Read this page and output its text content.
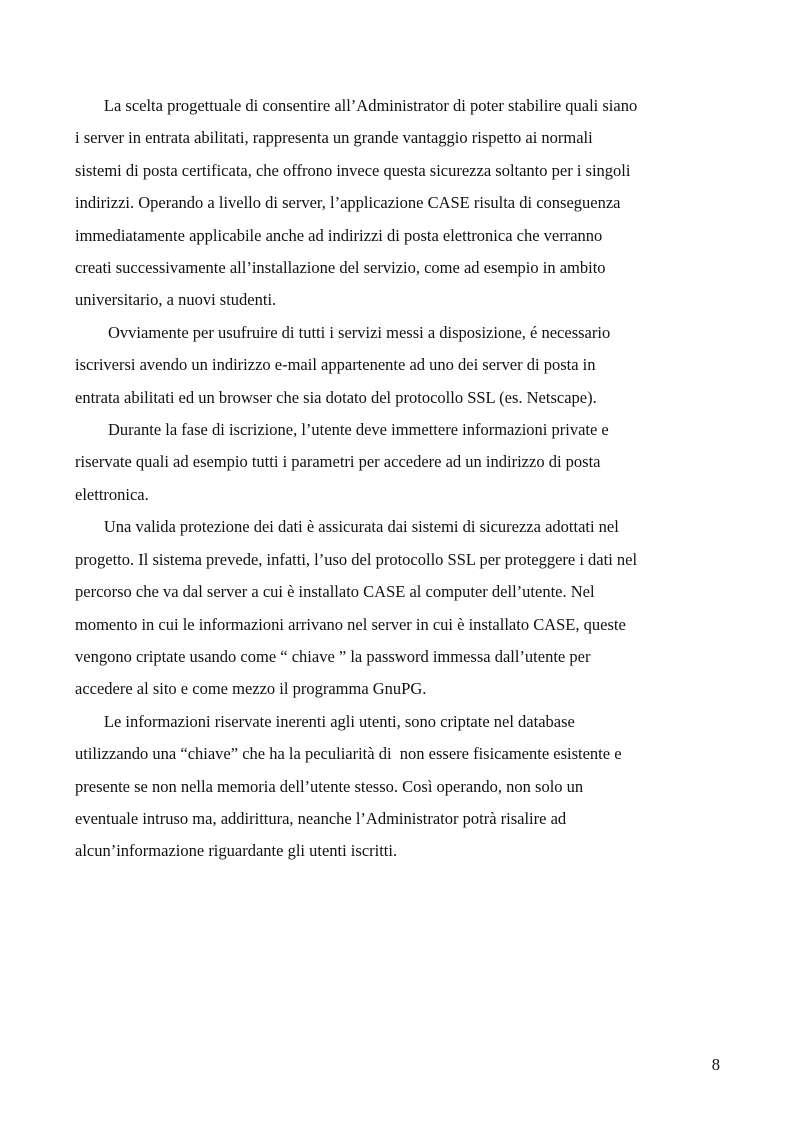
La scelta progettuale di consentire all’Administrator di poter stabilire quali siano
i server in entrata abilitati, rappresenta un grande vantaggio rispetto ai normali
sistemi di posta certificata, che offrono invece questa sicurezza soltanto per i singoli
indirizzi. Operando a livello di server, l’applicazione CASE risulta di conseguenza
immediatamente applicabile anche ad indirizzi di posta elettronica che verranno
creati successivamente all’installazione del servizio, come ad esempio in ambito
universitario, a nuovi studenti.

Ovviamente per usufruire di tutti i servizi messi a disposizione, é necessario
iscriversi avendo un indirizzo e-mail appartenente ad uno dei server di posta in
entrata abilitati ed un browser che sia dotato del protocollo SSL (es. Netscape).

Durante la fase di iscrizione, l’utente deve immettere informazioni private e
riservate quali ad esempio tutti i parametri per accedere ad un indirizzo di posta
elettronica.

Una valida protezione dei dati è assicurata dai sistemi di sicurezza adottati nel
progetto. Il sistema prevede, infatti, l’uso del protocollo SSL per proteggere i dati nel
percorso che va dal server a cui è installato CASE al computer dell’utente. Nel
momento in cui le informazioni arrivano nel server in cui è installato CASE, queste
vengono criptate usando come “ chiave ” la password immessa dall’utente per
accedere al sito e come mezzo il programma GnuPG.

Le informazioni riservate inerenti agli utenti, sono criptate nel database
utilizzando una “chiave” che ha la peculiarità di  non essere fisicamente esistente e
presente se non nella memoria dell’utente stesso. Così operando, non solo un
eventuale intruso ma, addirittura, neanche l’Administrator potrà risalire ad
alcun’informazione riguardante gli utenti iscritti.

8
